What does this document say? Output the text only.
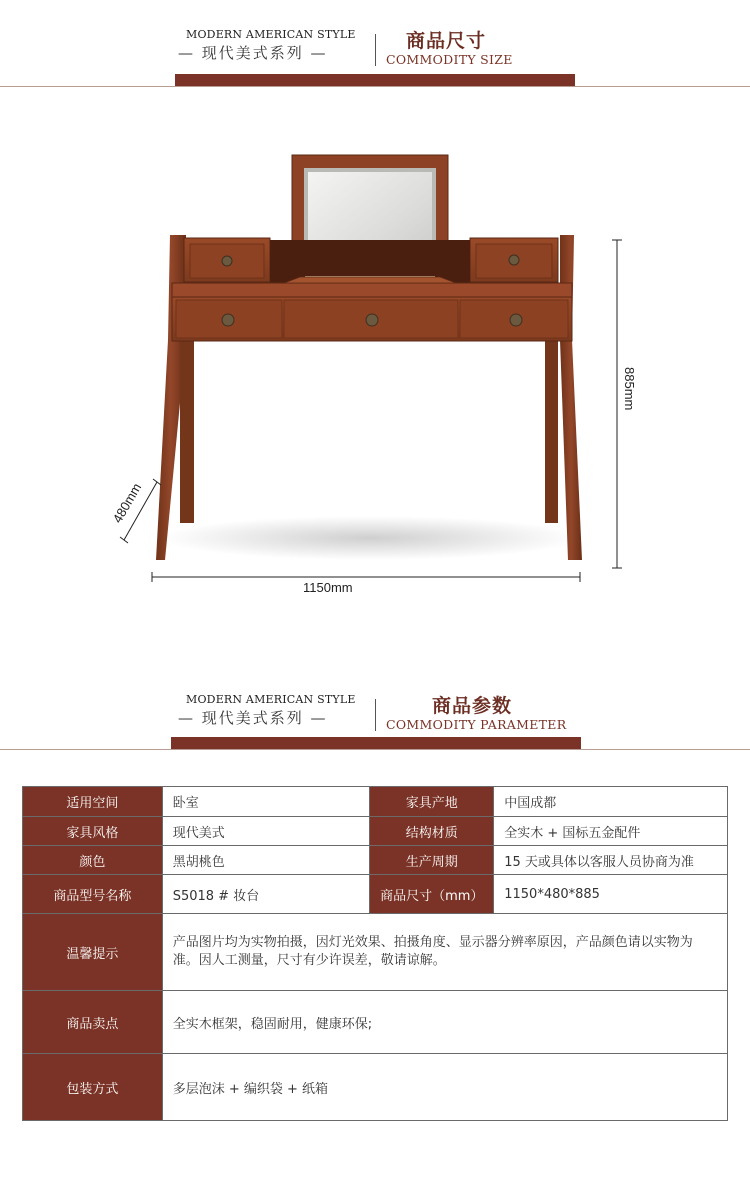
MODERN AMERICAN STYLE
— 现代美式系列 —
商品尺寸
COMMODITY SIZE
1150mm
885mm
480mm
MODERN AMERICAN STYLE
— 现代美式系列 —
商品参数
COMMODITY PARAMETER
适用空间	卧室	家具产地	中国成都
家具风格	现代美式	结构材质	全实木 + 国标五金配件
颜色	黑胡桃色	生产周期	15 天或具体以客服人员协商为准
商品型号名称	S5018 # 妆台	商品尺寸（mm）	1150*480*885
温馨提示	产品图片均为实物拍摄，因灯光效果、拍摄角度、显示器分辨率原因，产品颜色请以实物为准。因人工测量，尺寸有少许误差，敬请谅解。		
商品卖点	全实木框架，稳固耐用，健康环保;		
包装方式	多层泡沫 + 编织袋 + 纸箱		
